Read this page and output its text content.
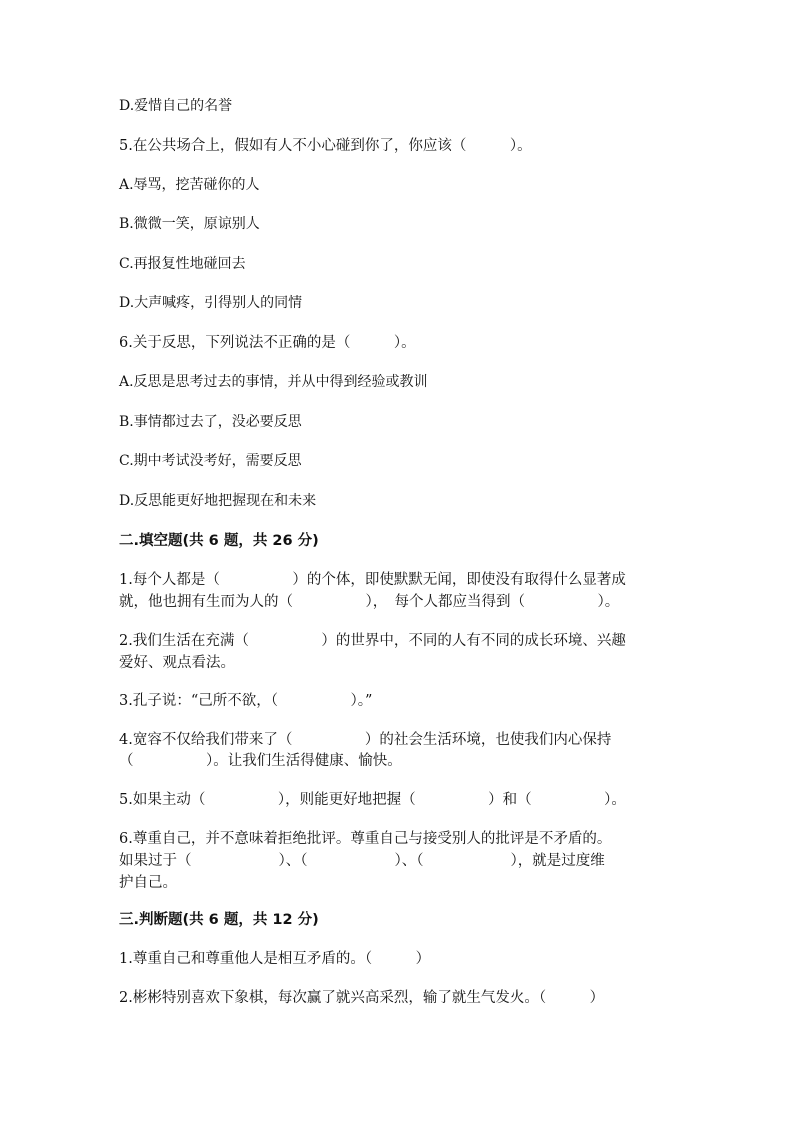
D.爱惜自己的名誉
5.在公共场合上，假如有人不小心碰到你了，你应该（　　　）。
A.辱骂，挖苦碰你的人
B.微微一笑，原谅别人
C.再报复性地碰回去
D.大声喊疼，引得别人的同情
6.关于反思，下列说法不正确的是（　　　）。
A.反思是思考过去的事情，并从中得到经验或教训
B.事情都过去了，没必要反思
C.期中考试没考好，需要反思
D.反思能更好地把握现在和未来
二.填空题(共 6 题，共 26 分)
1.每个人都是（　　　　　）的个体，即使默默无闻，即使没有取得什么显著成
就，他也拥有生而为人的（　　　　　），　每个人都应当得到（　　　　　）。
2.我们生活在充满（　　　　　）的世界中，不同的人有不同的成长环境、兴趣
爱好、观点看法。
3.孔子说：“己所不欲，（　　　　　）。”
4.宽容不仅给我们带来了（　　　　　）的社会生活环境，也使我们内心保持
（　　　　　）。让我们生活得健康、愉快。
5.如果主动（　　　　　），则能更好地把握（　　　　　）和（　　　　　）。
6.尊重自己，并不意味着拒绝批评。尊重自己与接受别人的批评是不矛盾的。
如果过于（　　　　　　）、（　　　　　　）、（　　　　　　），就是过度维
护自己。
三.判断题(共 6 题，共 12 分)
1.尊重自己和尊重他人是相互矛盾的。（　　　）
2.彬彬特别喜欢下象棋，每次赢了就兴高采烈，输了就生气发火。（　　　）
